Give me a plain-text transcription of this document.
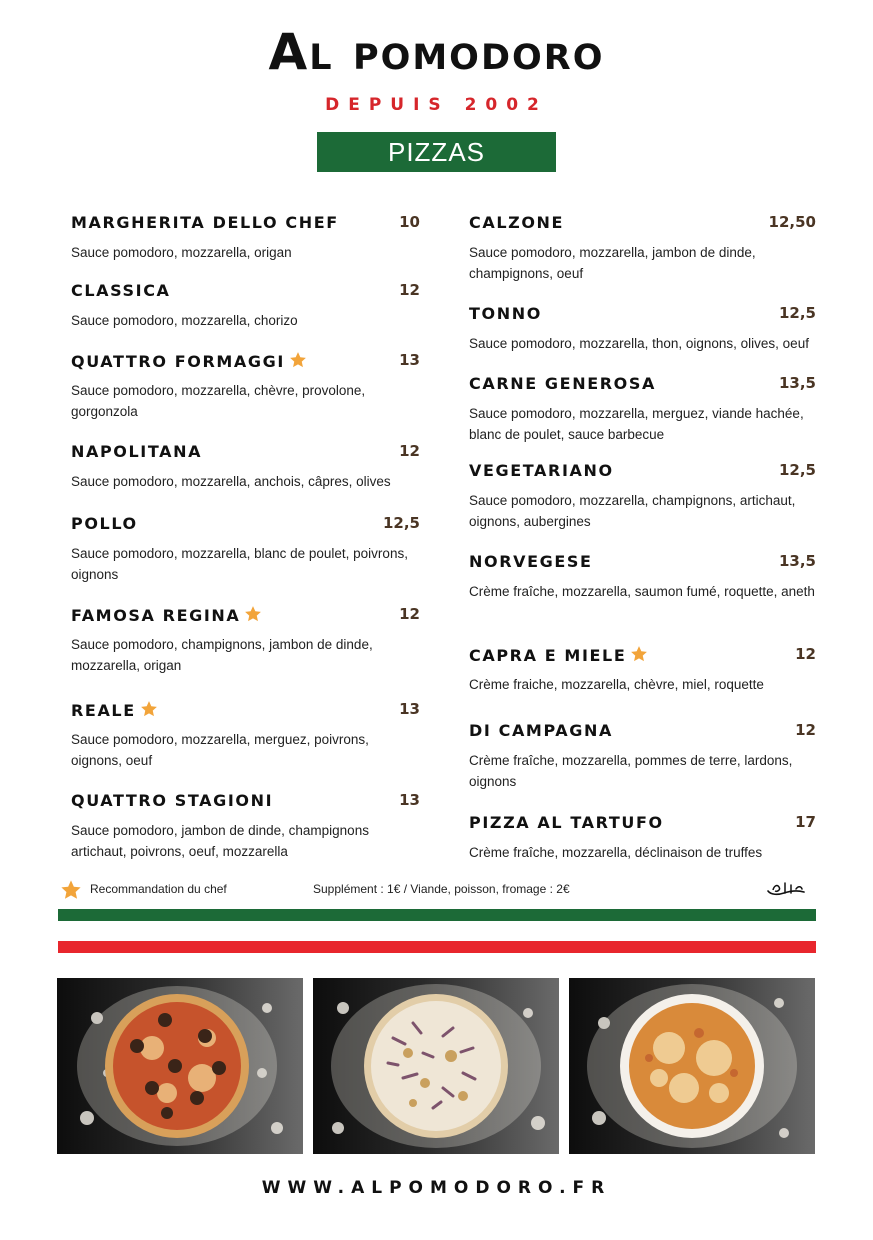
Al pomodoro
DEPUIS 2002
PIZZAS
MARGHERITA DELLO CHEF	10
Sauce pomodoro, mozzarella, origan
CLASSICA	12
Sauce pomodoro, mozzarella, chorizo
QUATTRO FORMAGGI	13
Sauce pomodoro, mozzarella, chèvre, provolone, gorgonzola
NAPOLITANA	12
Sauce pomodoro, mozzarella, anchois, câpres, olives
POLLO	12,5
Sauce pomodoro, mozzarella, blanc de poulet, poivrons, oignons
FAMOSA REGINA	12
Sauce pomodoro, champignons, jambon de dinde, mozzarella, origan
REALE	13
Sauce pomodoro, mozzarella, merguez, poivrons, oignons, oeuf
QUATTRO STAGIONI	13
Sauce pomodoro, jambon de dinde, champignons artichaut, poivrons, oeuf, mozzarella
CALZONE	12,50
Sauce pomodoro, mozzarella, jambon de dinde, champignons, oeuf
TONNO	12,5
Sauce pomodoro, mozzarella, thon, oignons, olives, oeuf
CARNE GENEROSA	13,5
Sauce pomodoro, mozzarella, merguez, viande hachée, blanc de poulet, sauce barbecue
VEGETARIANO	12,5
Sauce pomodoro, mozzarella, champignons, artichaut, oignons, aubergines
NORVEGESE	13,5
Crème fraîche, mozzarella, saumon fumé, roquette, aneth
CAPRA E MIELE	12
Crème fraiche, mozzarella, chèvre, miel, roquette
DI CAMPAGNA	12
Crème fraîche, mozzarella, pommes de terre, lardons, oignons
PIZZA AL TARTUFO	17
Crème fraîche, mozzarella, déclinaison de truffes
Recommandation du chef	Supplément : 1€ / Viande, poisson, fromage : 2€
WWW.ALPOMODORO.FR
